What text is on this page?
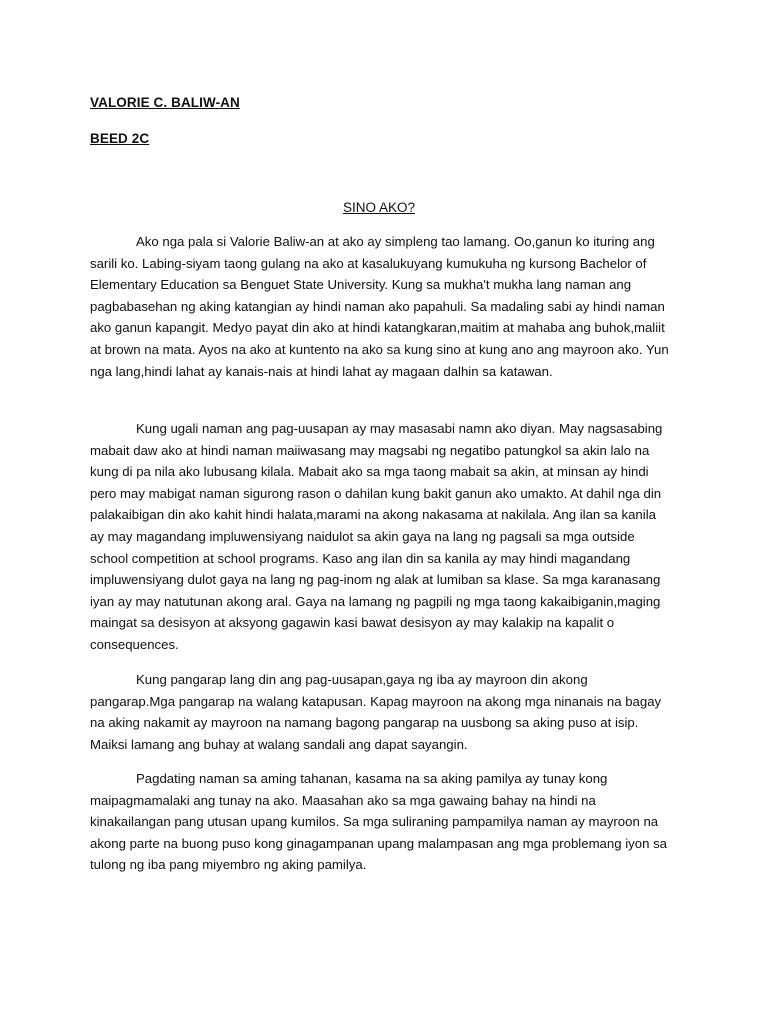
VALORIE C. BALIW-AN
BEED 2C
SINO AKO?

Ako nga pala si Valorie Baliw-an at ako ay simpleng tao lamang. Oo,ganun ko ituring ang sarili ko. Labing-siyam taong gulang na ako at kasalukuyang kumukuha ng kursong Bachelor of Elementary Education sa Benguet State University. Kung sa mukha't mukha lang naman ang pagbabasehan ng aking katangian ay hindi naman ako papahuli. Sa madaling sabi ay hindi naman ako ganun kapangit. Medyo payat din ako at hindi katangkaran,maitim at mahaba ang buhok,maliit at brown na mata. Ayos na ako at kuntento na ako sa kung sino at kung ano ang mayroon ako. Yun nga lang,hindi lahat ay kanais-nais at hindi lahat ay magaan dalhin sa katawan.

Kung ugali naman ang pag-uusapan ay may masasabi namn ako diyan. May nagsasabing mabait daw ako at hindi naman maiiwasang may magsabi ng negatibo patungkol sa akin lalo na kung di pa nila ako lubusang kilala. Mabait ako sa mga taong mabait sa akin, at minsan ay hindi pero may mabigat naman sigurong rason o dahilan kung bakit ganun ako umakto. At dahil nga din palakaibigan din ako kahit hindi halata,marami na akong nakasama at nakilala. Ang ilan sa kanila ay may magandang impluwensiyang naidulot sa akin gaya na lang ng pagsali sa mga outside school competition at school programs. Kaso ang ilan din sa kanila ay may hindi magandang impluwensiyang dulot gaya na lang ng pag-inom ng alak at lumiban sa klase. Sa mga karanasang iyan ay may natutunan akong aral. Gaya na lamang ng pagpili ng mga taong kakaibiganin,maging maingat sa desisyon at aksyong gagawin kasi bawat desisyon ay may kalakip na kapalit o consequences.

Kung pangarap lang din ang pag-uusapan,gaya ng iba ay mayroon din akong pangarap.Mga pangarap na walang katapusan. Kapag mayroon na akong mga ninanais na bagay na aking nakamit ay mayroon na namang bagong pangarap na uusbong sa aking puso at isip. Maiksi lamang ang buhay at walang sandali ang dapat sayangin.

Pagdating naman sa aming tahanan, kasama na sa aking pamilya ay tunay kong maipagmamalaki ang tunay na ako. Maasahan ako sa mga gawaing bahay na hindi na kinakailangan pang utusan upang kumilos. Sa mga suliraning pampamilya naman ay mayroon na akong parte na buong puso kong ginagampanan upang malampasan ang mga problemang iyon sa tulong ng iba pang miyembro ng aking pamilya.
